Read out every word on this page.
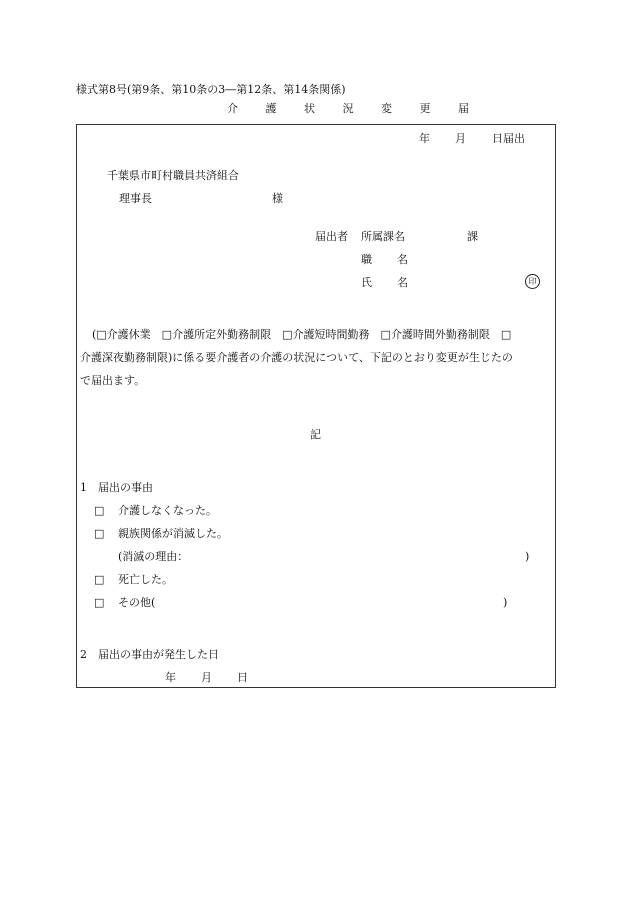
様式第8号(第9条、第10条の3―第12条、第14条関係)
介 護 状 況 変 更 届
年 月 日届出
千葉県市町村職員共済組合
理事長	様
届出者 所属課名	課
職 名
氏 名	印
(□介護休業　□介護所定外勤務制限　□介護短時間勤務　□介護時間外勤務制限　□
介護深夜勤務制限)に係る要介護者の介護の状況について、下記のとおり変更が生じたの
で届出ます。
記
1　届出の事由
□ 介護しなくなった。
□ 親族関係が消滅した。
(消滅の理由：	)
□ 死亡した。
□ その他(	)
2　届出の事由が発生した日
年 月 日
